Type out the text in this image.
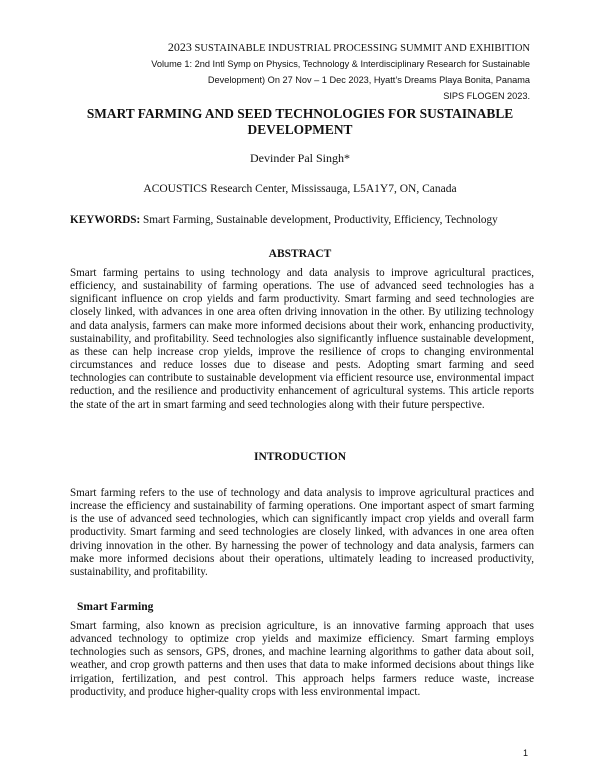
2023 SUSTAINABLE INDUSTRIAL PROCESSING SUMMIT AND EXHIBITION
Volume 1: 2nd Intl Symp on Physics, Technology & Interdisciplinary Research for Sustainable
Development) On 27 Nov – 1 Dec 2023, Hyatt’s Dreams Playa Bonita, Panama
SIPS FLOGEN 2023.
SMART FARMING AND SEED TECHNOLOGIES FOR SUSTAINABLE DEVELOPMENT
Devinder Pal Singh*
ACOUSTICS Research Center, Mississauga, L5A1Y7, ON, Canada
KEYWORDS: Smart Farming, Sustainable development, Productivity, Efficiency, Technology
ABSTRACT
Smart farming pertains to using technology and data analysis to improve agricultural practices, efficiency, and sustainability of farming operations. The use of advanced seed technologies has a significant influence on crop yields and farm productivity. Smart farming and seed technologies are closely linked, with advances in one area often driving innovation in the other. By utilizing technology and data analysis, farmers can make more informed decisions about their work, enhancing productivity, sustainability, and profitability. Seed technologies also significantly influence sustainable development, as these can help increase crop yields, improve the resilience of crops to changing environmental circumstances and reduce losses due to disease and pests. Adopting smart farming and seed technologies can contribute to sustainable development via efficient resource use, environmental impact reduction, and the resilience and productivity enhancement of agricultural systems. This article reports the state of the art in smart farming and seed technologies along with their future perspective.
INTRODUCTION
Smart farming refers to the use of technology and data analysis to improve agricultural practices and increase the efficiency and sustainability of farming operations. One important aspect of smart farming is the use of advanced seed technologies, which can significantly impact crop yields and overall farm productivity. Smart farming and seed technologies are closely linked, with advances in one area often driving innovation in the other. By harnessing the power of technology and data analysis, farmers can make more informed decisions about their operations, ultimately leading to increased productivity, sustainability, and profitability.
Smart Farming
Smart farming, also known as precision agriculture, is an innovative farming approach that uses advanced technology to optimize crop yields and maximize efficiency. Smart farming employs technologies such as sensors, GPS, drones, and machine learning algorithms to gather data about soil, weather, and crop growth patterns and then uses that data to make informed decisions about things like irrigation, fertilization, and pest control. This approach helps farmers reduce waste, increase productivity, and produce higher-quality crops with less environmental impact.
1
